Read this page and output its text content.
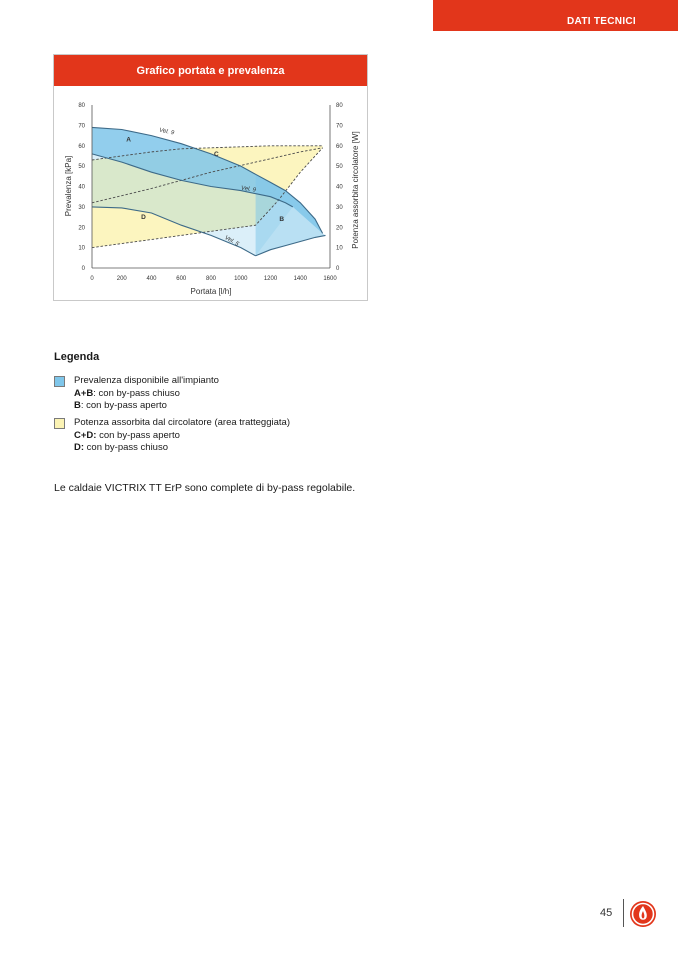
DATI TECNICI
Grafico portata e prevalenza
0
10
20
30
40
50
60
70
80
0
10
20
30
40
50
60
70
80
0	200	400	600	800	1000	1200	1400	1600
Portata [l/h]
Prevalenza [kPa]	Potenza assorbita circolatore [W]
A
B
C
D
Vel. 9
Vel. 9
Vel. 5
Legenda
Prevalenza disponibile all'impianto
A+B: con by-pass chiuso
B: con by-pass aperto
Potenza assorbita dal circolatore (area tratteggiata)
C+D: con by-pass aperto
D: con by-pass chiuso
Le caldaie VICTRIX TT ErP sono complete di by-pass regolabile.
45
